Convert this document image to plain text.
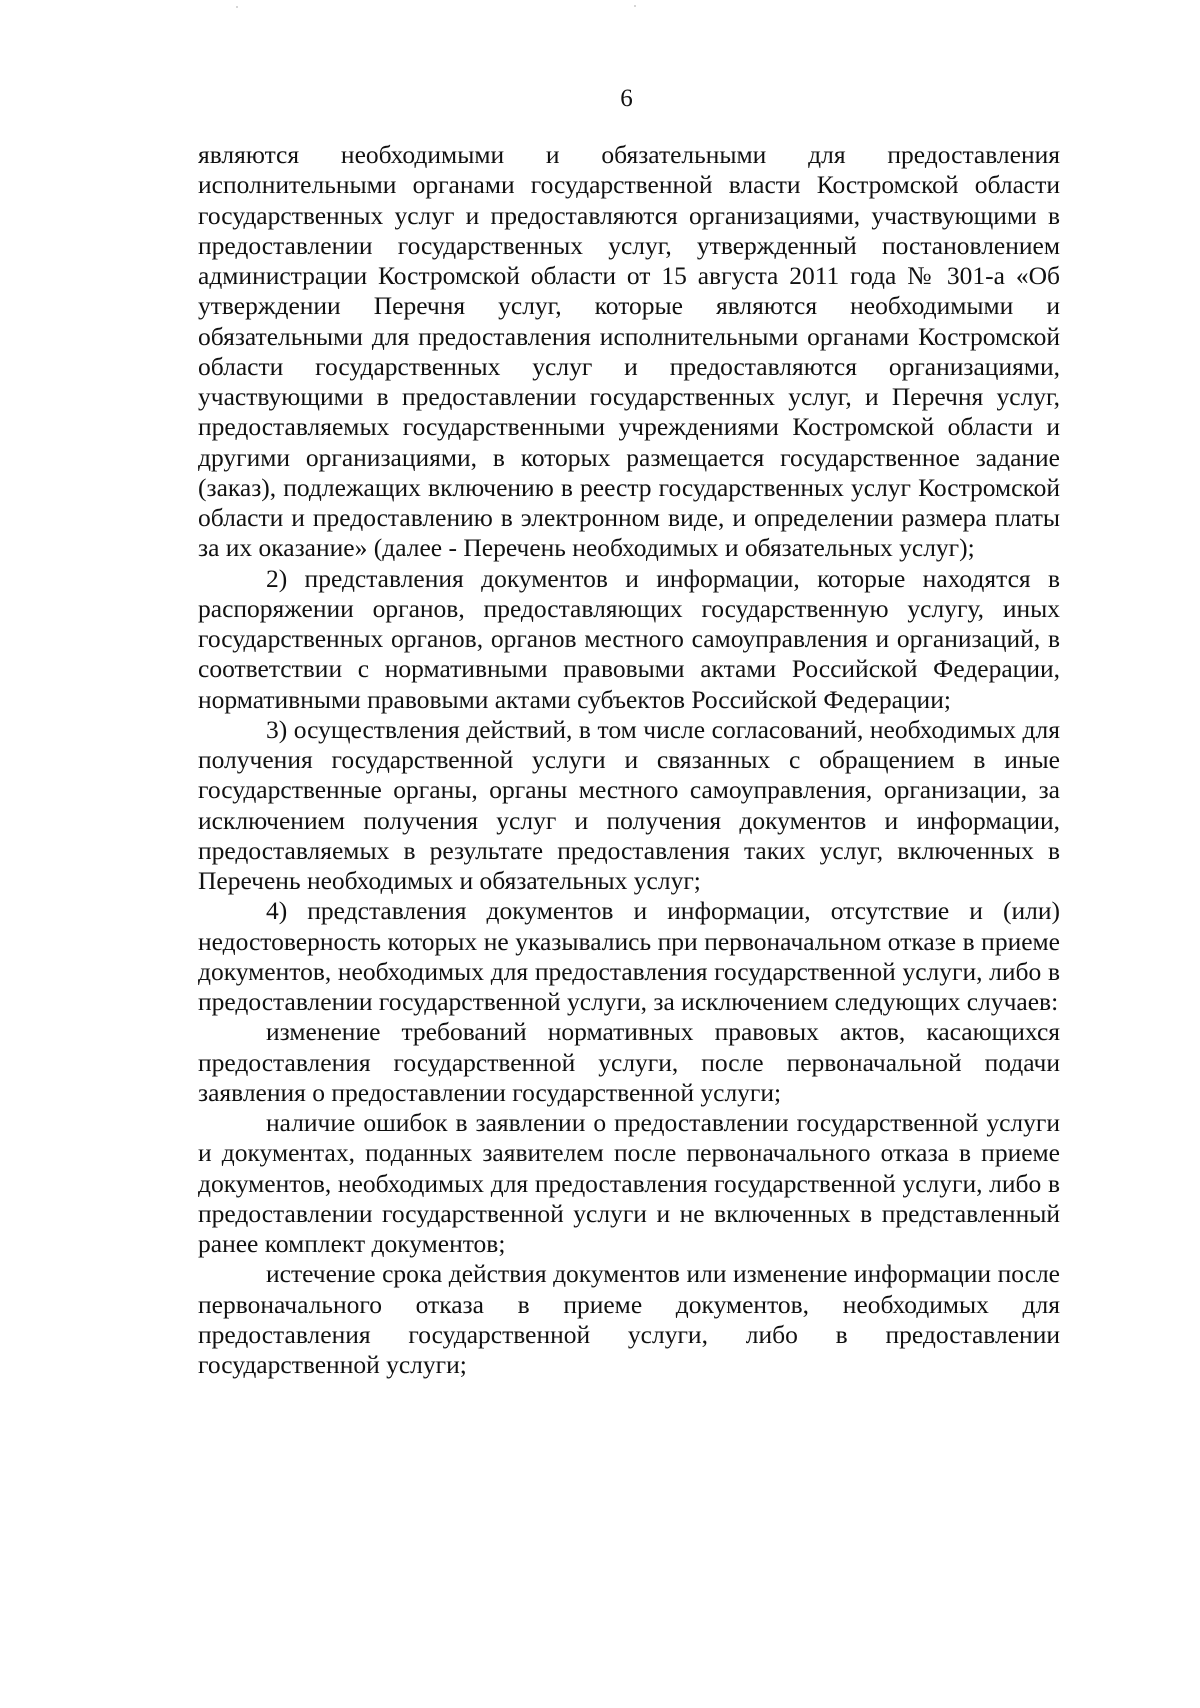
6

являются необходимыми и обязательными для предоставления исполнительными органами государственной власти Костромской области государственных услуг и предоставляются организациями, участвующими в предоставлении государственных услуг, утвержденный постановлением администрации Костромской области от 15 августа 2011 года № 301-а «Об утверждении Перечня услуг, которые являются необходимыми и обязательными для предоставления исполнительными органами Костромской области государственных услуг и предоставляются организациями, участвующими в предоставлении государственных услуг, и Перечня услуг, предоставляемых государственными учреждениями Костромской области и другими организациями, в которых размещается государственное задание (заказ), подлежащих включению в реестр государственных услуг Костромской области и предоставлению в электронном виде, и определении размера платы за их оказание» (далее - Перечень необходимых и обязательных услуг);

2) представления документов и информации, которые находятся в распоряжении органов, предоставляющих государственную услугу, иных государственных органов, органов местного самоуправления и организаций, в соответствии с нормативными правовыми актами Российской Федерации, нормативными правовыми актами субъектов Российской Федерации;

3) осуществления действий, в том числе согласований, необходимых для получения государственной услуги и связанных с обращением в иные государственные органы, органы местного самоуправления, организации, за исключением получения услуг и получения документов и информации, предоставляемых в результате предоставления таких услуг, включенных в Перечень необходимых и обязательных услуг;

4) представления документов и информации, отсутствие и (или) недостоверность которых не указывались при первоначальном отказе в приеме документов, необходимых для предоставления государственной услуги, либо в предоставлении государственной услуги, за исключением следующих случаев:

изменение требований нормативных правовых актов, касающихся предоставления государственной услуги, после первоначальной подачи заявления о предоставлении государственной услуги;

наличие ошибок в заявлении о предоставлении государственной услуги и документах, поданных заявителем после первоначального отказа в приеме документов, необходимых для предоставления государственной услуги, либо в предоставлении государственной услуги и не включенных в представленный ранее комплект документов;

истечение срока действия документов или изменение информации после первоначального отказа в приеме документов, необходимых для предоставления государственной услуги, либо в предоставлении государственной услуги;
